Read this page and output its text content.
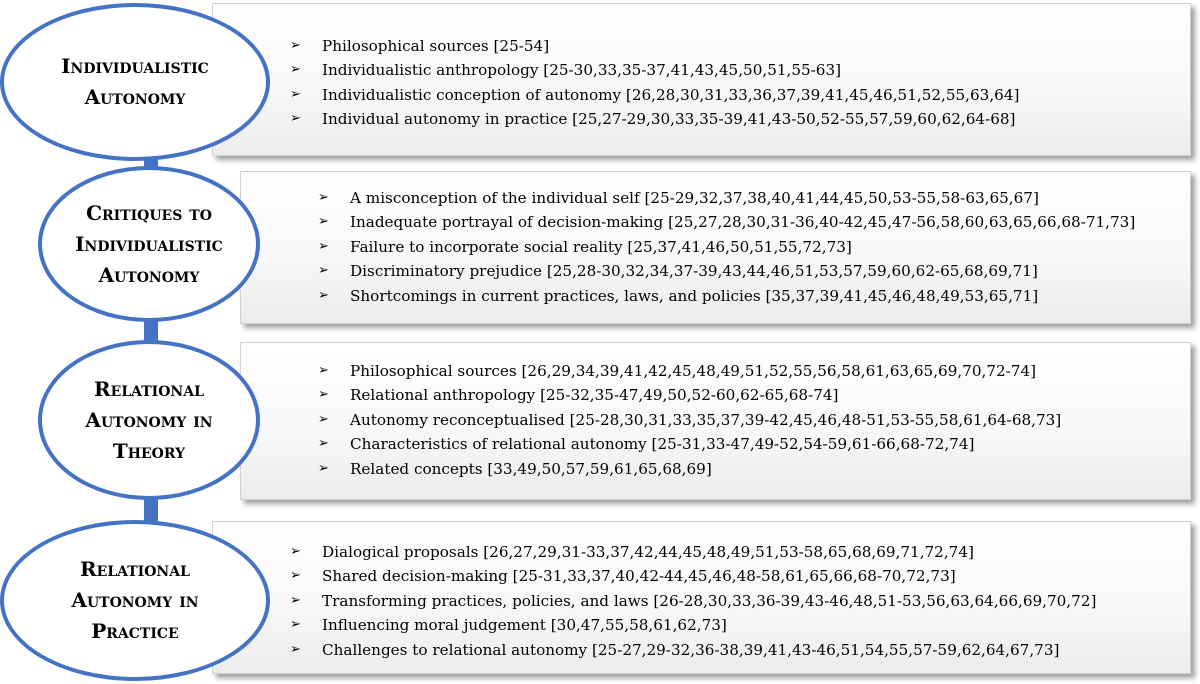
➢ Philosophical sources [25-54]
➢ Individualistic anthropology [25-30,33,35-37,41,43,45,50,51,55-63]
➢ Individualistic conception of autonomy [26,28,30,31,33,36,37,39,41,45,46,51,52,55,63,64]
➢ Individual autonomy in practice [25,27-29,30,33,35-39,41,43-50,52-55,57,59,60,62,64-68]
➢ A misconception of the individual self [25-29,32,37,38,40,41,44,45,50,53-55,58-63,65,67]
➢ Inadequate portrayal of decision-making [25,27,28,30,31-36,40-42,45,47-56,58,60,63,65,66,68-71,73]
➢ Failure to incorporate social reality [25,37,41,46,50,51,55,72,73]
➢ Discriminatory prejudice [25,28-30,32,34,37-39,43,44,46,51,53,57,59,60,62-65,68,69,71]
➢ Shortcomings in current practices, laws, and policies [35,37,39,41,45,46,48,49,53,65,71]
➢ Philosophical sources [26,29,34,39,41,42,45,48,49,51,52,55,56,58,61,63,65,69,70,72-74]
➢ Relational anthropology [25-32,35-47,49,50,52-60,62-65,68-74]
➢ Autonomy reconceptualised [25-28,30,31,33,35,37,39-42,45,46,48-51,53-55,58,61,64-68,73]
➢ Characteristics of relational autonomy [25-31,33-47,49-52,54-59,61-66,68-72,74]
➢ Related concepts [33,49,50,57,59,61,65,68,69]
➢ Dialogical proposals [26,27,29,31-33,37,42,44,45,48,49,51,53-58,65,68,69,71,72,74]
➢ Shared decision-making [25-31,33,37,40,42-44,45,46,48-58,61,65,66,68-70,72,73]
➢ Transforming practices, policies, and laws [26-28,30,33,36-39,43-46,48,51-53,56,63,64,66,69,70,72]
➢ Influencing moral judgement [30,47,55,58,61,62,73]
➢ Challenges to relational autonomy [25-27,29-32,36-38,39,41,43-46,51,54,55,57-59,62,64,67,73]
Individualistic
Autonomy
Critiques to
Individualistic
Autonomy
Relational
Autonomy in
Theory
Relational
Autonomy in
Practice
